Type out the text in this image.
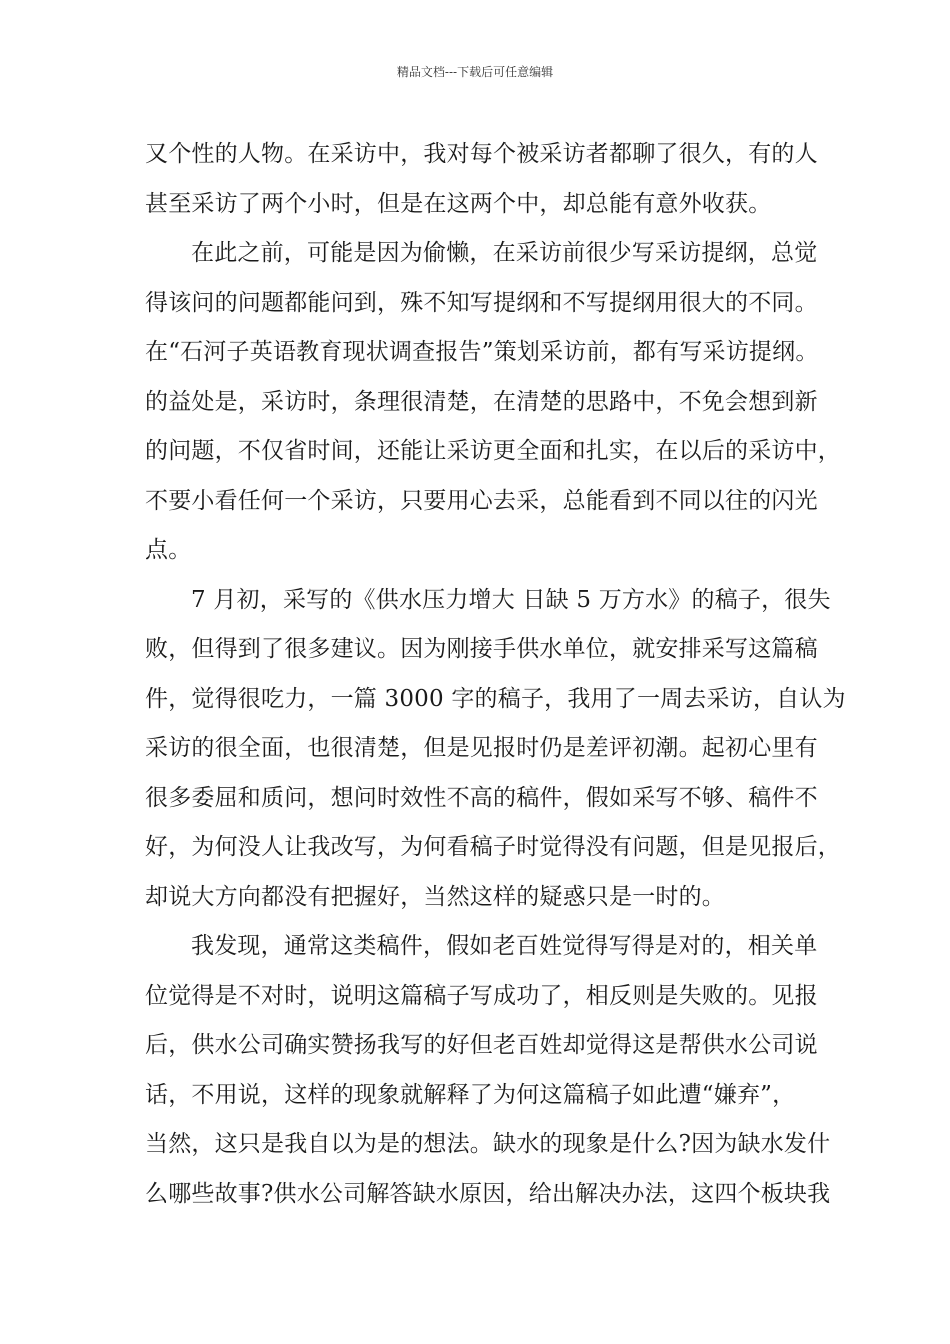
精品文档---下载后可任意编辑
又个性的人物。在采访中，我对每个被采访者都聊了很久，有的人
甚至采访了两个小时，但是在这两个中，却总能有意外收获。
在此之前，可能是因为偷懒，在采访前很少写采访提纲，总觉
得该问的问题都能问到，殊不知写提纲和不写提纲用很大的不同。
在“石河子英语教育现状调查报告”策划采访前，都有写采访提纲。
的益处是，采访时，条理很清楚，在清楚的思路中，不免会想到新
的问题，不仅省时间，还能让采访更全面和扎实，在以后的采访中，
不要小看任何一个采访，只要用心去采，总能看到不同以往的闪光
点。
7 月初，采写的《供水压力增大 日缺 5 万方水》的稿子，很失
败，但得到了很多建议。因为刚接手供水单位，就安排采写这篇稿
件，觉得很吃力，一篇 3000 字的稿子，我用了一周去采访，自认为
采访的很全面，也很清楚，但是见报时仍是差评初潮。起初心里有
很多委屈和质问，想问时效性不高的稿件，假如采写不够、稿件不
好，为何没人让我改写，为何看稿子时觉得没有问题，但是见报后，
却说大方向都没有把握好，当然这样的疑惑只是一时的。
我发现，通常这类稿件，假如老百姓觉得写得是对的，相关单
位觉得是不对时，说明这篇稿子写成功了，相反则是失败的。见报
后，供水公司确实赞扬我写的好但老百姓却觉得这是帮供水公司说
话，不用说，这样的现象就解释了为何这篇稿子如此遭“嫌弃”，
当然，这只是我自以为是的想法。缺水的现象是什么?因为缺水发什
么哪些故事?供水公司解答缺水原因，给出解决办法，这四个板块我
